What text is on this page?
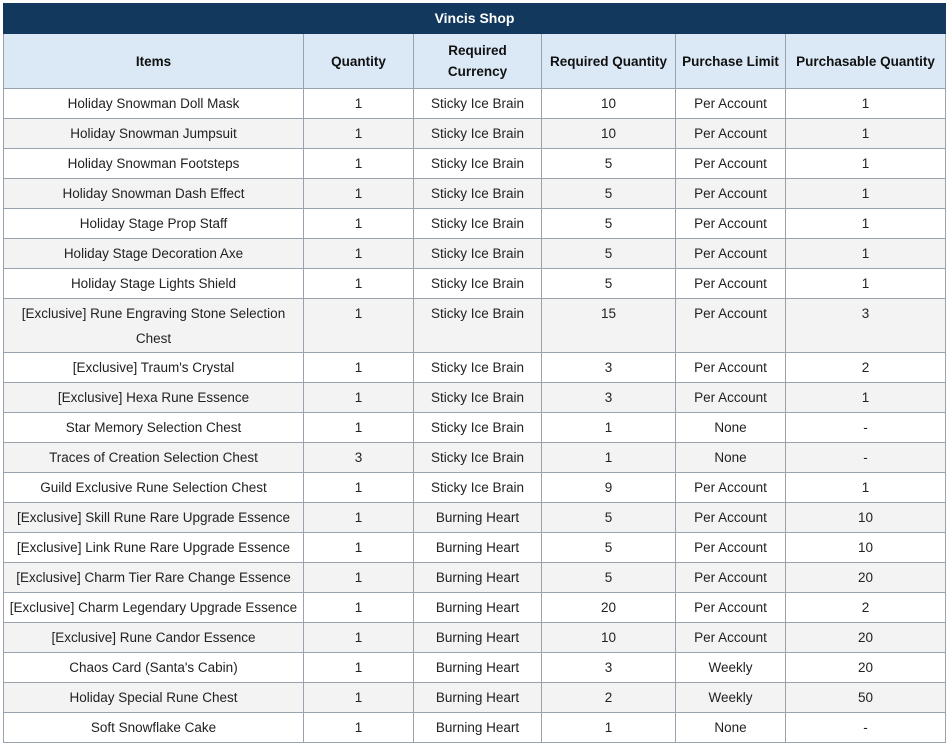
Vincis Shop					
Items	Quantity	Required Currency	Required Quantity	Purchase Limit	Purchasable Quantity
Holiday Snowman Doll Mask	1	Sticky Ice Brain	10	Per Account	1
Holiday Snowman Jumpsuit	1	Sticky Ice Brain	10	Per Account	1
Holiday Snowman Footsteps	1	Sticky Ice Brain	5	Per Account	1
Holiday Snowman Dash Effect	1	Sticky Ice Brain	5	Per Account	1
Holiday Stage Prop Staff	1	Sticky Ice Brain	5	Per Account	1
Holiday Stage Decoration Axe	1	Sticky Ice Brain	5	Per Account	1
Holiday Stage Lights Shield	1	Sticky Ice Brain	5	Per Account	1
[Exclusive] Rune Engraving Stone Selection Chest	1	Sticky Ice Brain	15	Per Account	3
[Exclusive] Traum's Crystal	1	Sticky Ice Brain	3	Per Account	2
[Exclusive] Hexa Rune Essence	1	Sticky Ice Brain	3	Per Account	1
Star Memory Selection Chest	1	Sticky Ice Brain	1	None	-
Traces of Creation Selection Chest	3	Sticky Ice Brain	1	None	-
Guild Exclusive Rune Selection Chest	1	Sticky Ice Brain	9	Per Account	1
[Exclusive] Skill Rune Rare Upgrade Essence	1	Burning Heart	5	Per Account	10
[Exclusive] Link Rune Rare Upgrade Essence	1	Burning Heart	5	Per Account	10
[Exclusive] Charm Tier Rare Change Essence	1	Burning Heart	5	Per Account	20
[Exclusive] Charm Legendary Upgrade Essence	1	Burning Heart	20	Per Account	2
[Exclusive] Rune Candor Essence	1	Burning Heart	10	Per Account	20
Chaos Card (Santa's Cabin)	1	Burning Heart	3	Weekly	20
Holiday Special Rune Chest	1	Burning Heart	2	Weekly	50
Soft Snowflake Cake	1	Burning Heart	1	None	-
